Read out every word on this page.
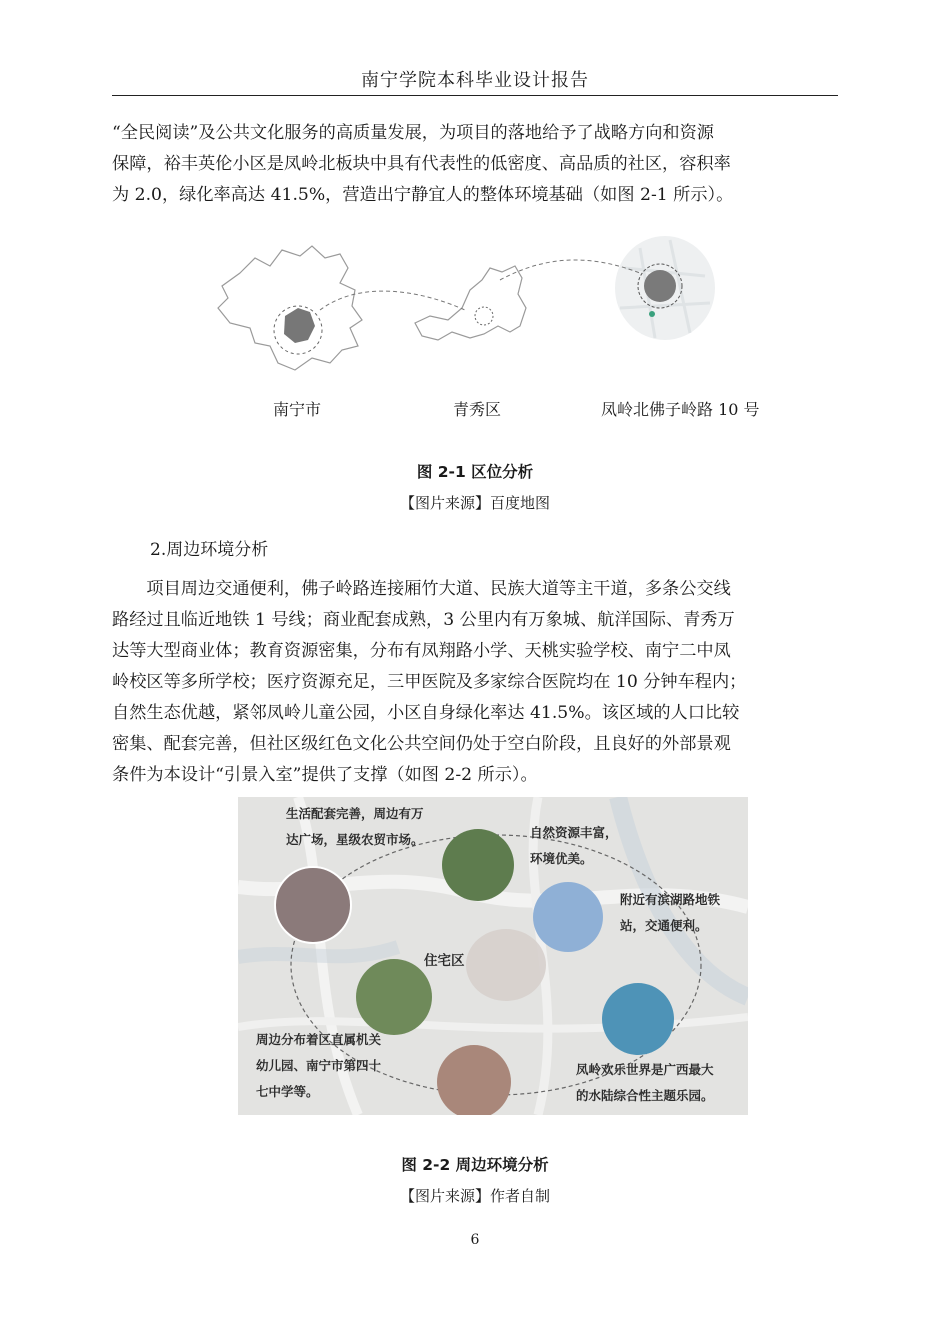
南宁学院本科毕业设计报告

“全民阅读”及公共文化服务的高质量发展，为项目的落地给予了战略方向和资源

保障，裕丰英伦小区是凤岭北板块中具有代表性的低密度、高品质的社区，容积率

为 2.0，绿化率高达 41.5%，营造出宁静宜人的整体环境基础（如图 2-1 所示）。

南宁市	青秀区	凤岭北佛子岭路 10 号
图 2-1 区位分析
【图片来源】百度地图
2.周边环境分析

项目周边交通便利，佛子岭路连接厢竹大道、民族大道等主干道，多条公交线

路经过且临近地铁 1 号线；商业配套成熟，3 公里内有万象城、航洋国际、青秀万

达等大型商业体；教育资源密集，分布有凤翔路小学、天桃实验学校、南宁二中凤

岭校区等多所学校；医疗资源充足，三甲医院及多家综合医院均在 10 分钟车程内；

自然生态优越，紧邻凤岭儿童公园，小区自身绿化率达 41.5%。该区域的人口比较

密集、配套完善，但社区级红色文化公共空间仍处于空白阶段，且良好的外部景观

条件为本设计“引景入室”提供了支撑（如图 2-2 所示）。

生活配套完善，周边有万
达广场，星级农贸市场。	自然资源丰富，
环境优美。
附近有滨湖路地铁
站，交通便利。
住宅区
周边分布着区直属机关
幼儿园、南宁市第四十
七中学等。
凤岭欢乐世界是广西最大
的水陆综合性主题乐园。
图 2-2 周边环境分析
【图片来源】作者自制
6
